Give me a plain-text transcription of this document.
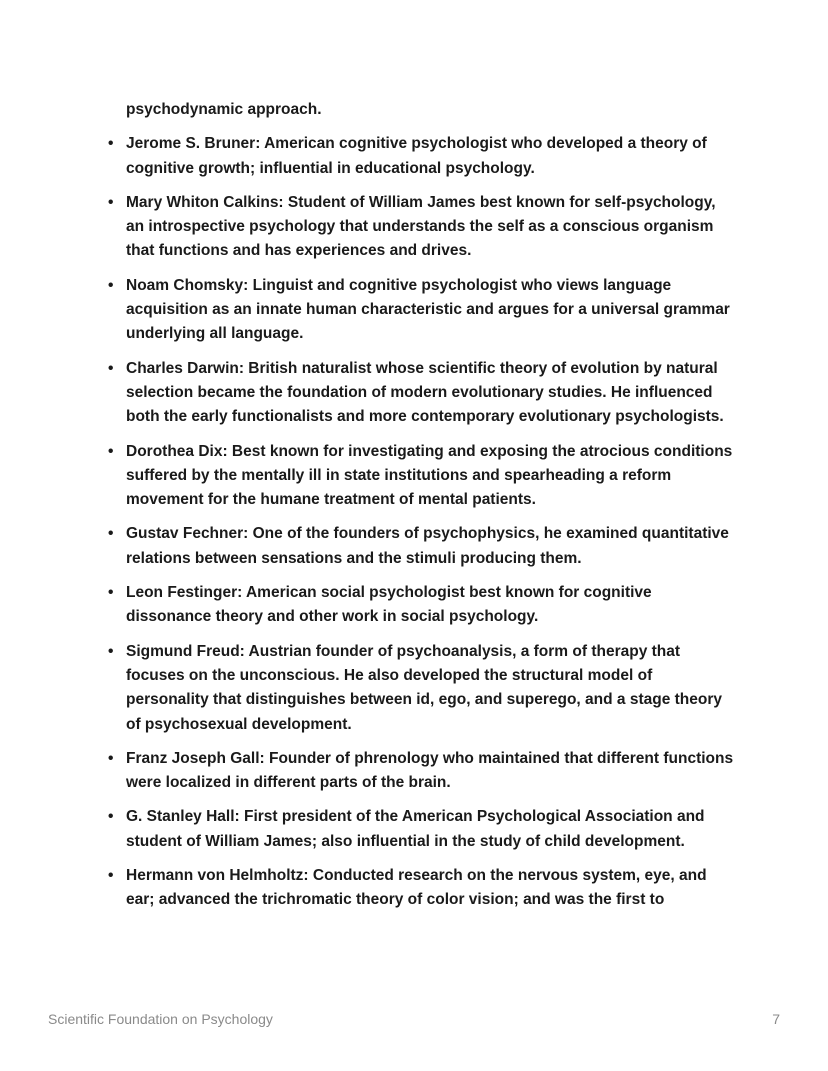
psychodynamic approach.

• Jerome S. Bruner: American cognitive psychologist who developed a theory of cognitive growth; influential in educational psychology.
• Mary Whiton Calkins: Student of William James best known for self-psychology, an introspective psychology that understands the self as a conscious organism that functions and has experiences and drives.
• Noam Chomsky: Linguist and cognitive psychologist who views language acquisition as an innate human characteristic and argues for a universal grammar underlying all language.
• Charles Darwin: British naturalist whose scientific theory of evolution by natural selection became the foundation of modern evolutionary studies. He influenced both the early functionalists and more contemporary evolutionary psychologists.
• Dorothea Dix: Best known for investigating and exposing the atrocious conditions suffered by the mentally ill in state institutions and spearheading a reform movement for the humane treatment of mental patients.
• Gustav Fechner: One of the founders of psychophysics, he examined quantitative relations between sensations and the stimuli producing them.
• Leon Festinger: American social psychologist best known for cognitive dissonance theory and other work in social psychology.
• Sigmund Freud: Austrian founder of psychoanalysis, a form of therapy that focuses on the unconscious. He also developed the structural model of personality that distinguishes between id, ego, and superego, and a stage theory of psychosexual development.
• Franz Joseph Gall: Founder of phrenology who maintained that different functions were localized in different parts of the brain.
• G. Stanley Hall: First president of the American Psychological Association and student of William James; also influential in the study of child development.
• Hermann von Helmholtz: Conducted research on the nervous system, eye, and ear; advanced the trichromatic theory of color vision; and was the first to
Scientific Foundation on Psychology	7
